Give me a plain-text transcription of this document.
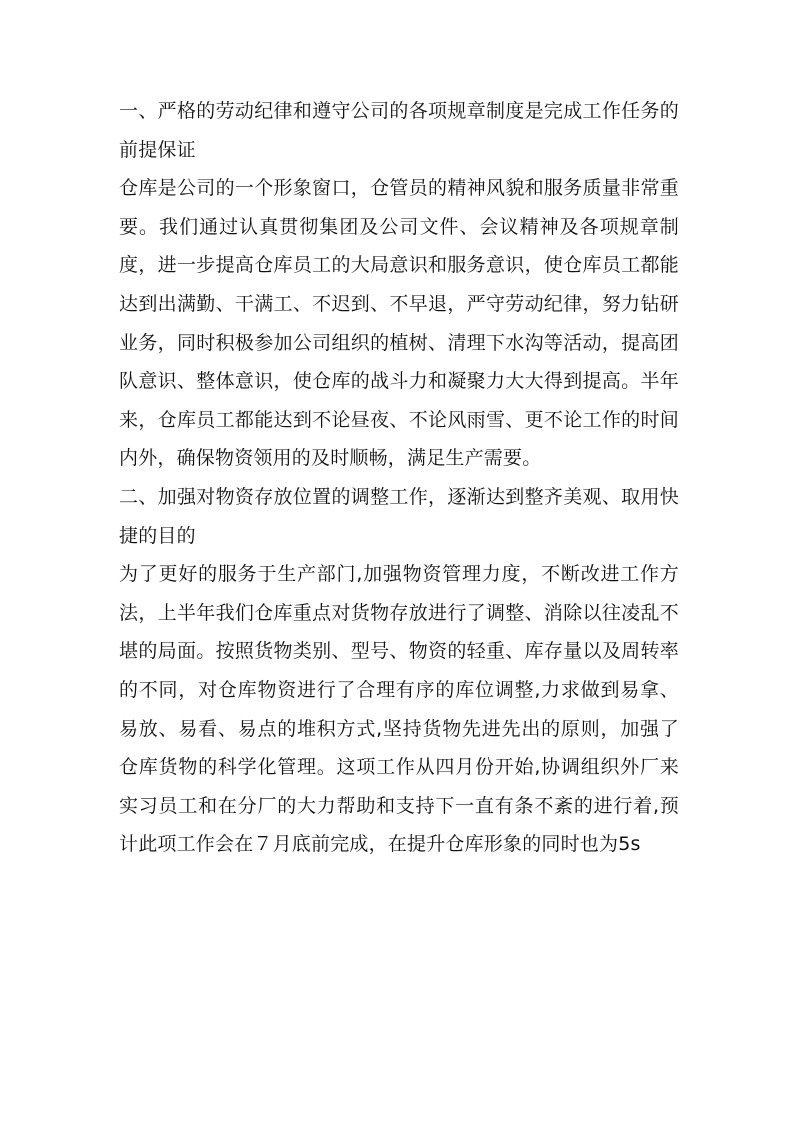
一、严格的劳动纪律和遵守公司的各项规章制度是完成工作任务的前提保证

仓库是公司的一个形象窗口，仓管员的精神风貌和服务质量非常重要。我们通过认真贯彻集团及公司文件、会议精神及各项规章制度，进一步提高仓库员工的大局意识和服务意识，使仓库员工都能达到出满勤、干满工、不迟到、不早退，严守劳动纪律，努力钻研业务，同时积极参加公司组织的植树、清理下水沟等活动，提高团队意识、整体意识，使仓库的战斗力和凝聚力大大得到提高。半年来，仓库员工都能达到不论昼夜、不论风雨雪、更不论工作的时间内外，确保物资领用的及时顺畅，满足生产需要。

二、加强对物资存放位置的调整工作，逐渐达到整齐美观、取用快捷的目的

为了更好的服务于生产部门,加强物资管理力度，不断改进工作方法，上半年我们仓库重点对货物存放进行了调整、消除以往凌乱不堪的局面。按照货物类别、型号、物资的轻重、库存量以及周转率的不同，对仓库物资进行了合理有序的库位调整,力求做到易拿、易放、易看、易点的堆积方式,坚持货物先进先出的原则，加强了仓库货物的科学化管理。这项工作从四月份开始,协调组织外厂来实习员工和在分厂的大力帮助和支持下一直有条不紊的进行着,预计此项工作会在７月底前完成，在提升仓库形象的同时也为5s
